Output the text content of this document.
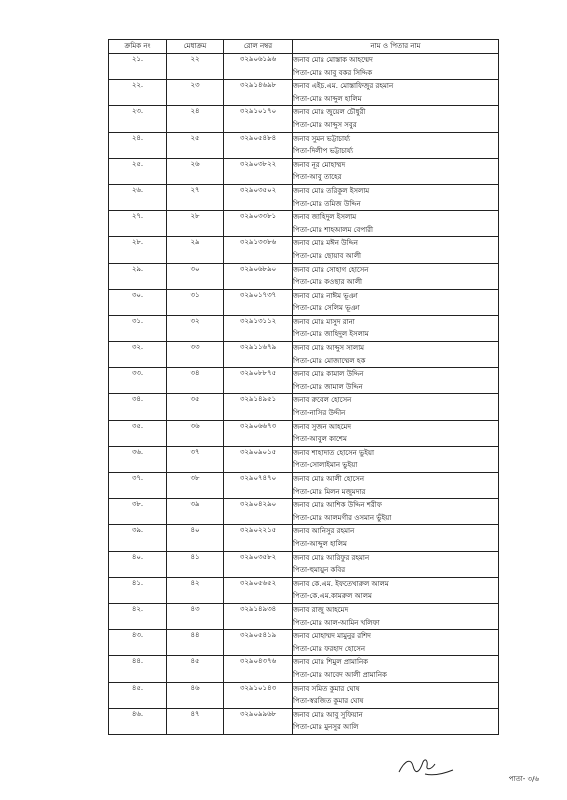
ক্রমিক নং	মেধাক্রম	রোল নম্বর	নাম ও পিতার নাম
২১.	২২	৩২৯০৬১৯৬	জনাব মোঃ মোস্তাক আহম্মেদ
পিতা-মোঃ আবু বকর সিদ্দিক

২২.	২৩	৩২৯১৪৬৯৮	জনাব এইচ.এম. মোস্তাফিজুর রহমান
পিতা-মোঃ আব্দুল হালিম

২৩.	২৪	৩২৯১০১৭০	জনাব মোঃ জুয়েল চৌধুরী
পিতা-মোঃ আব্দুস সবুর

২৪.	২৫	৩২৯০৫৪৮৪	জনাব সুমন ভট্টাচার্য্য
পিতা-দিলীপ ভট্টাচার্য্য

২৫.	২৬	৩২৯০৩৮২২	জনাব নূর মোহাম্মদ
পিতা-আবু তাহের

২৬.	২৭	৩২৯০৩৫০২	জনাব মোঃ তরিকুল ইসলাম
পিতা-মোঃ তমিজ উদ্দিন

২৭.	২৮	৩২৯০৩৩৮১	জনাব জাহিদুল ইসলাম
পিতা-মোঃ শাহআলম বেপারী

২৮.	২৯	৩২৯১৩৩৮৬	জনাব মোঃ মঈন উদ্দিন
পিতা-মোঃ ছোয়াব আলী

২৯.	৩০	৩২৯০৬৮৯০	জনাব মোঃ সোহাগ হোসেন
পিতা-মোঃ কওছার আলী

৩০.	৩১	৩২৯০১৭৩৭	জনাব মোঃ নাঈম ভূঞা
পিতা-মোঃ সেলিম ভূঞা

৩১.	৩২	৩২৯১৩১১২	জনাব মোঃ মাসুদ রানা
পিতা-মোঃ জাহিদুল ইসলাম

৩২.	৩৩	৩২৯১১৬৭৯	জনাব মোঃ আব্দুস সালাম
পিতা-মোঃ মোজাম্মেল হক

৩৩.	৩৪	৩২৯০৮৮৭৫	জনাব মোঃ কামাল উদ্দিন
পিতা-মোঃ জামাল উদ্দিন

৩৪.	৩৫	৩২৯১৪৯৫১	জনাব রুবেল হোসেন
পিতা-নাসির উদ্দীন

৩৫.	৩৬	৩২৯০৬৬৭৩	জনাব সুজন আহমেদ
পিতা-আবুল কাশেম

৩৬.	৩৭	৩২৯০৯০১৫	জনাব শাহাদাত হোসেন ভুইয়া
পিতা-সোলাইমান ভুইয়া

৩৭.	৩৮	৩২৯০৭৪৭০	জনাব মোঃ আলী হোসেন
পিতা-মোঃ মিলন মজুমদার

৩৮.	৩৯	৩২৯০৪২৯০	জনাব মোঃ আশিক উদ্দিন শরীফ
পিতা-মোঃ আলমগীর ওসমান ভুঁইয়া

৩৯.	৪০	৩২৯০২২১৫	জনাব আনিসুর রহমান
পিতা-আব্দুল হালিম

৪০.	৪১	৩২৯০৩৫৮২	জনাব মোঃ আরিফুর রহমান
পিতা-হুমায়ুন কবির

৪১.	৪২	৩২৯০৫৬৫২	জনাব কে.এম. ইফতেখারুল আলম
পিতা-কে.এম.কামরুল আলম

৪২.	৪৩	৩২৯১৪৯৩৪	জনাব রাজু আহমেদ
পিতা-মোঃ আল-আমিন খলিফা

৪৩.	৪৪	৩২৯০৫৪১৯	জনাব মোহাম্মদ মামুনুর রশিদ
পিতা-মোঃ ফরহাদ হোসেন

৪৪.	৪৫	৩২৯০৪৩৭৬	জনাব মোঃ শিমুল প্রামানিক
পিতা-মোঃ আবেদ আলী প্রামানিক

৪৫.	৪৬	৩২৯১০১৪৩	জনাব সমিত কুমার ঘোষ
পিতা-স্বরজিত কুমার ঘোষ

৪৬.	৪৭	৩২৯০৯৯৬৮	জনাব মোঃ আবু সুফিয়ান
পিতা-মোঃ মুনসুর আলি
পাতা- ৩/৬
